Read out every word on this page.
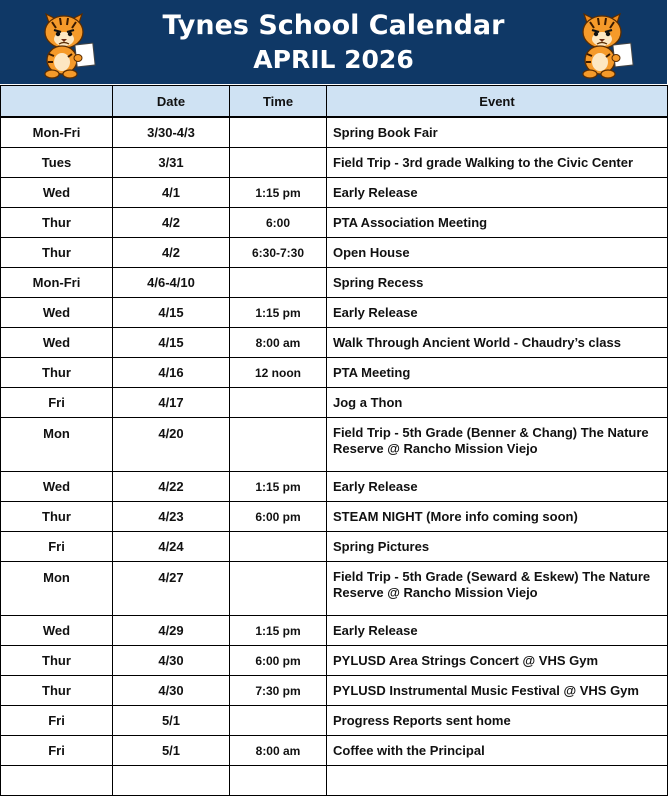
Tynes School Calendar
APRIL 2026
	Date	Time	Event
Mon-Fri	3/30-4/3		Spring Book Fair
Tues	3/31		Field Trip - 3rd grade Walking to the Civic Center
Wed	4/1	1:15 pm	Early Release
Thur	4/2	6:00	PTA Association Meeting
Thur	4/2	6:30-7:30	Open House
Mon-Fri	4/6-4/10		Spring Recess
Wed	4/15	1:15 pm	Early Release
Wed	4/15	8:00 am	Walk Through Ancient World - Chaudry’s class
Thur	4/16	12 noon	PTA Meeting
Fri	4/17		Jog a Thon
Mon	4/20		Field Trip - 5th Grade (Benner & Chang) The Nature Reserve @ Rancho Mission Viejo
Wed	4/22	1:15 pm	Early Release
Thur	4/23	6:00 pm	STEAM NIGHT (More info coming soon)
Fri	4/24		Spring Pictures
Mon	4/27		Field Trip - 5th Grade (Seward & Eskew) The Nature Reserve @ Rancho Mission Viejo
Wed	4/29	1:15 pm	Early Release
Thur	4/30	6:00 pm	PYLUSD Area Strings Concert @ VHS Gym
Thur	4/30	7:30 pm	PYLUSD Instrumental Music Festival @ VHS Gym
Fri	5/1		Progress Reports sent home
Fri	5/1	8:00 am	Coffee with the Principal
